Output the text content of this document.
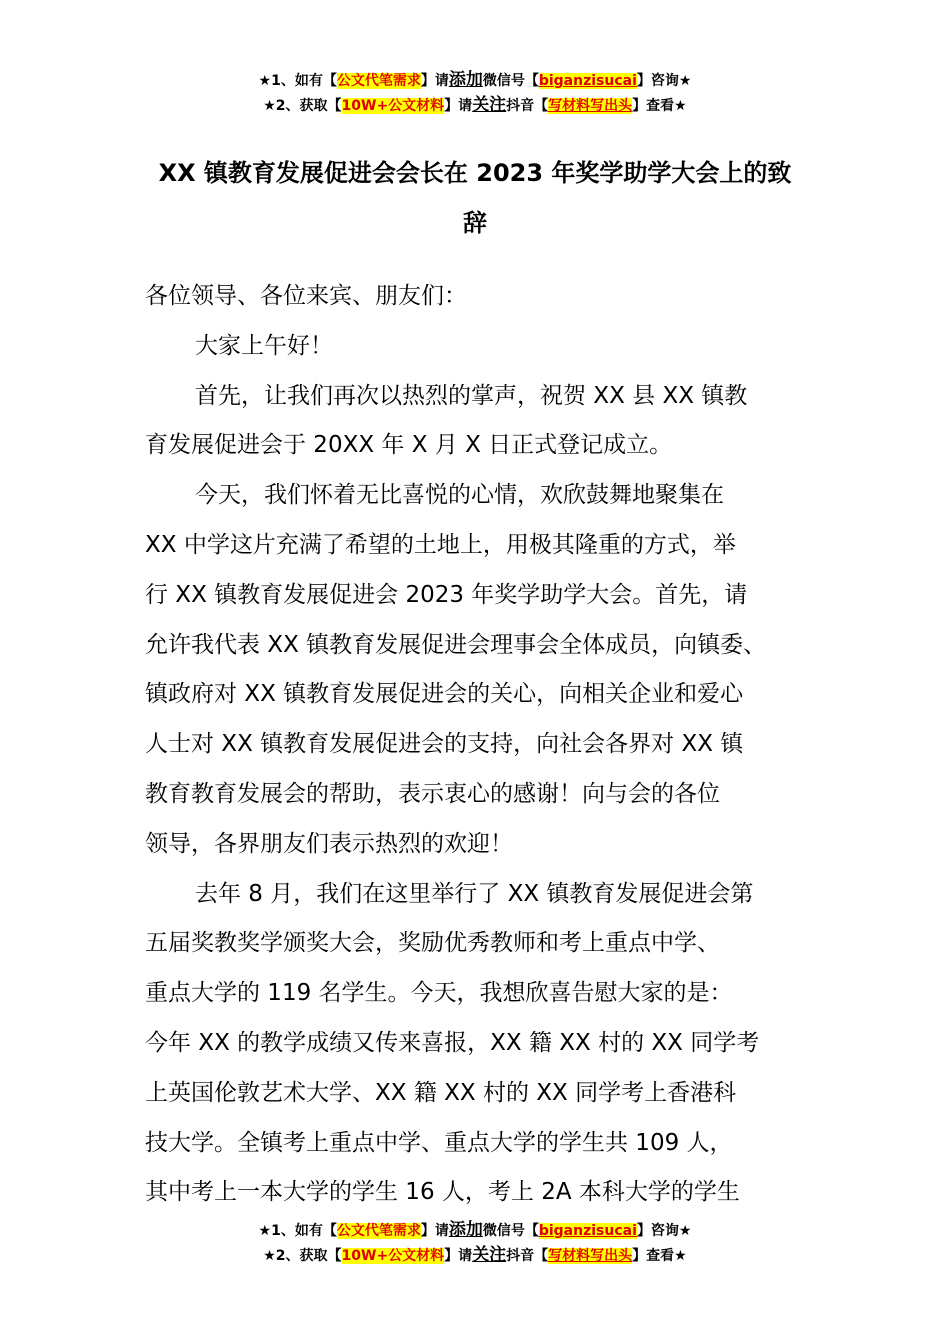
★1、如有【公文代笔需求】请添加微信号【biganzisucai】咨询★
★2、获取【10W+公文材料】请关注抖音【写材料写出头】查看★
XX 镇教育发展促进会会长在 2023 年奖学助学大会上的致
辞
各位领导、各位来宾、朋友们：
大家上午好！
首先，让我们再次以热烈的掌声，祝贺 XX 县 XX 镇教
育发展促进会于 20XX 年 X 月 X 日正式登记成立。
今天，我们怀着无比喜悦的心情，欢欣鼓舞地聚集在
XX 中学这片充满了希望的土地上，用极其隆重的方式，举
行 XX 镇教育发展促进会 2023 年奖学助学大会。首先，请
允许我代表 XX 镇教育发展促进会理事会全体成员，向镇委、
镇政府对 XX 镇教育发展促进会的关心，向相关企业和爱心
人士对 XX 镇教育发展促进会的支持，向社会各界对 XX 镇
教育教育发展会的帮助，表示衷心的感谢！向与会的各位
领导，各界朋友们表示热烈的欢迎！
去年 8 月，我们在这里举行了 XX 镇教育发展促进会第
五届奖教奖学颁奖大会，奖励优秀教师和考上重点中学、
重点大学的 119 名学生。今天，我想欣喜告慰大家的是：
今年 XX 的教学成绩又传来喜报，XX 籍 XX 村的 XX 同学考
上英国伦敦艺术大学、XX 籍 XX 村的 XX 同学考上香港科
技大学。全镇考上重点中学、重点大学的学生共 109 人，
其中考上一本大学的学生 16 人，考上 2A 本科大学的学生
★1、如有【公文代笔需求】请添加微信号【biganzisucai】咨询★
★2、获取【10W+公文材料】请关注抖音【写材料写出头】查看★
